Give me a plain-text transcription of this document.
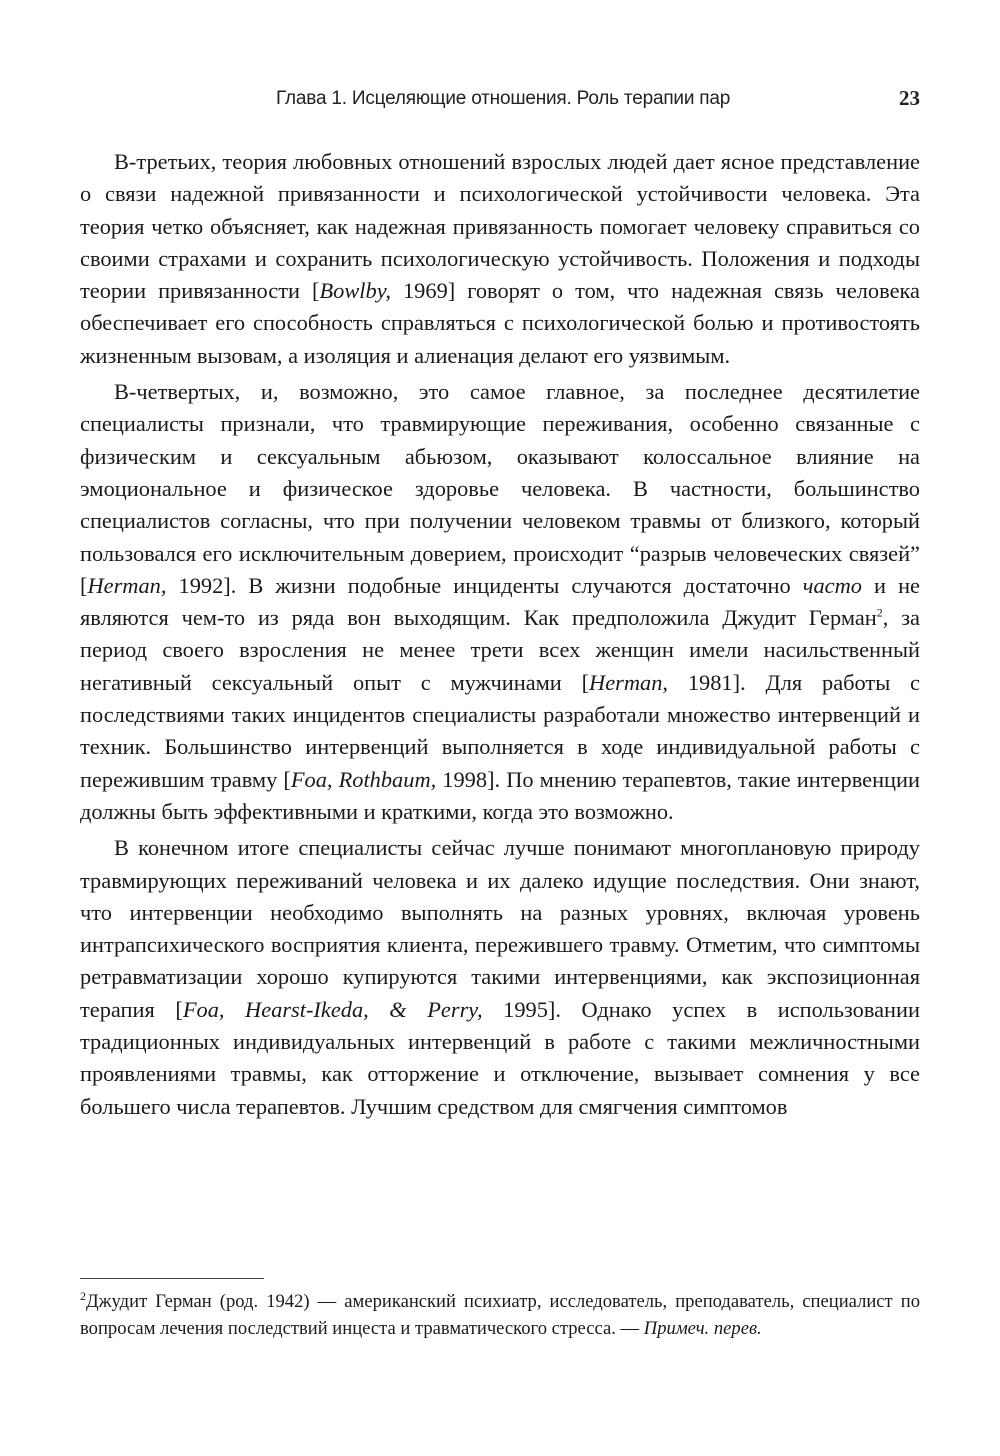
Глава 1. Исцеляющие отношения. Роль терапии пар	23

В-третьих, теория любовных отношений взрослых людей дает ясное представление о связи надежной привязанности и психологической устойчивости человека. Эта теория четко объясняет, как надежная привязанность помогает человеку справиться со своими страхами и сохранить психологическую устойчивость. Положения и подходы теории привязанности [Bowlby, 1969] говорят о том, что надежная связь человека обеспечивает его способность справляться с психологической болью и противостоять жизненным вызовам, а изоляция и алиенация делают его уязвимым.

В-четвертых, и, возможно, это самое главное, за последнее десятилетие специалисты признали, что травмирующие переживания, особенно связанные с физическим и сексуальным абьюзом, оказывают колоссальное влияние на эмоциональное и физическое здоровье человека. В частности, большинство специалистов согласны, что при получении человеком травмы от близкого, который пользовался его исключительным доверием, происходит “разрыв человеческих связей” [Herman, 1992]. В жизни подобные инциденты случаются достаточно часто и не являются чем-то из ряда вон выходящим. Как предположила Джудит Герман$^2$, за период своего взросления не менее трети всех женщин имели насильственный негативный сексуальный опыт с мужчинами [Herman, 1981]. Для работы с последствиями таких инцидентов специалисты разработали множество интервенций и техник. Большинство интервенций выполняется в ходе индивидуальной работы с пережившим травму [Foa, Rothbaum, 1998]. По мнению терапевтов, такие интервенции должны быть эффективными и краткими, когда это возможно.

В конечном итоге специалисты сейчас лучше понимают многоплановую природу травмирующих переживаний человека и их далеко идущие последствия. Они знают, что интервенции необходимо выполнять на разных уровнях, включая уровень интрапсихического восприятия клиента, пережившего травму. Отметим, что симптомы ретравматизации хорошо купируются такими интервенциями, как экспозиционная терапия [Foa, Hearst-Ikeda, & Perry, 1995]. Однако успех в использовании традиционных индивидуальных интервенций в работе с такими межличностными проявлениями травмы, как отторжение и отключение, вызывает сомнения у все большего числа терапевтов. Лучшим средством для смягчения симптомов

$^2$Джудит Герман (род. 1942) — американский психиатр, исследователь, преподаватель, специалист по вопросам лечения последствий инцеста и травматического стресса. — Примеч. перев.
